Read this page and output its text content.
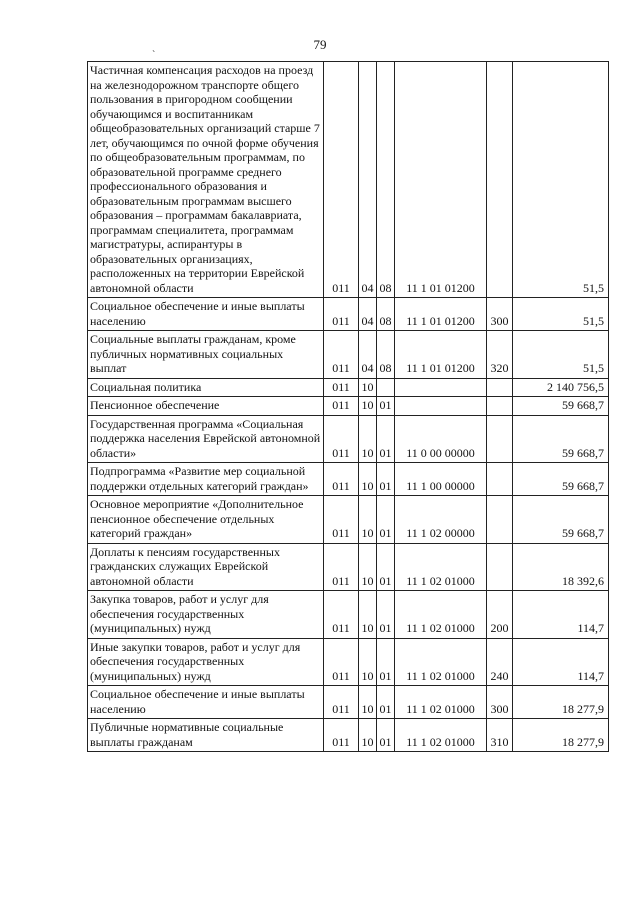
79
`
Частичная компенсация расходов на проезд на железнодорожном транспорте общего пользования в пригородном сообщении обучающимся и воспитанникам общеобразовательных организаций старше 7 лет, обучающимся по очной форме обучения по общеобразовательным программам, по образовательной программе среднего профессионального образования и образовательным программам высшего образования – программам бакалавриата, программам специалитета, программам магистратуры, аспирантуры в образовательных организациях, расположенных на территории Еврейской автономной области	011	04	08	11 1 01 01200		51,5
Социальное обеспечение и иные выплаты населению	011	04	08	11 1 01 01200	300	51,5
Социальные выплаты гражданам, кроме публичных нормативных социальных выплат	011	04	08	11 1 01 01200	320	51,5
Социальная политика	011	10				2 140 756,5
Пенсионное обеспечение	011	10	01			59 668,7
Государственная программа «Социальная поддержка населения Еврейской автономной области»	011	10	01	11 0 00 00000		59 668,7
Подпрограмма «Развитие мер социальной поддержки отдельных категорий граждан»	011	10	01	11 1 00 00000		59 668,7
Основное мероприятие «Дополнительное пенсионное обеспечение отдельных категорий граждан»	011	10	01	11 1 02 00000		59 668,7
Доплаты к пенсиям государственных гражданских служащих Еврейской автономной области	011	10	01	11 1 02 01000		18 392,6
Закупка товаров, работ и услуг для обеспечения государственных (муниципальных) нужд	011	10	01	11 1 02 01000	200	114,7
Иные закупки товаров, работ и услуг для обеспечения государственных (муниципальных) нужд	011	10	01	11 1 02 01000	240	114,7
Социальное обеспечение и иные выплаты населению	011	10	01	11 1 02 01000	300	18 277,9
Публичные нормативные социальные выплаты гражданам	011	10	01	11 1 02 01000	310	18 277,9
